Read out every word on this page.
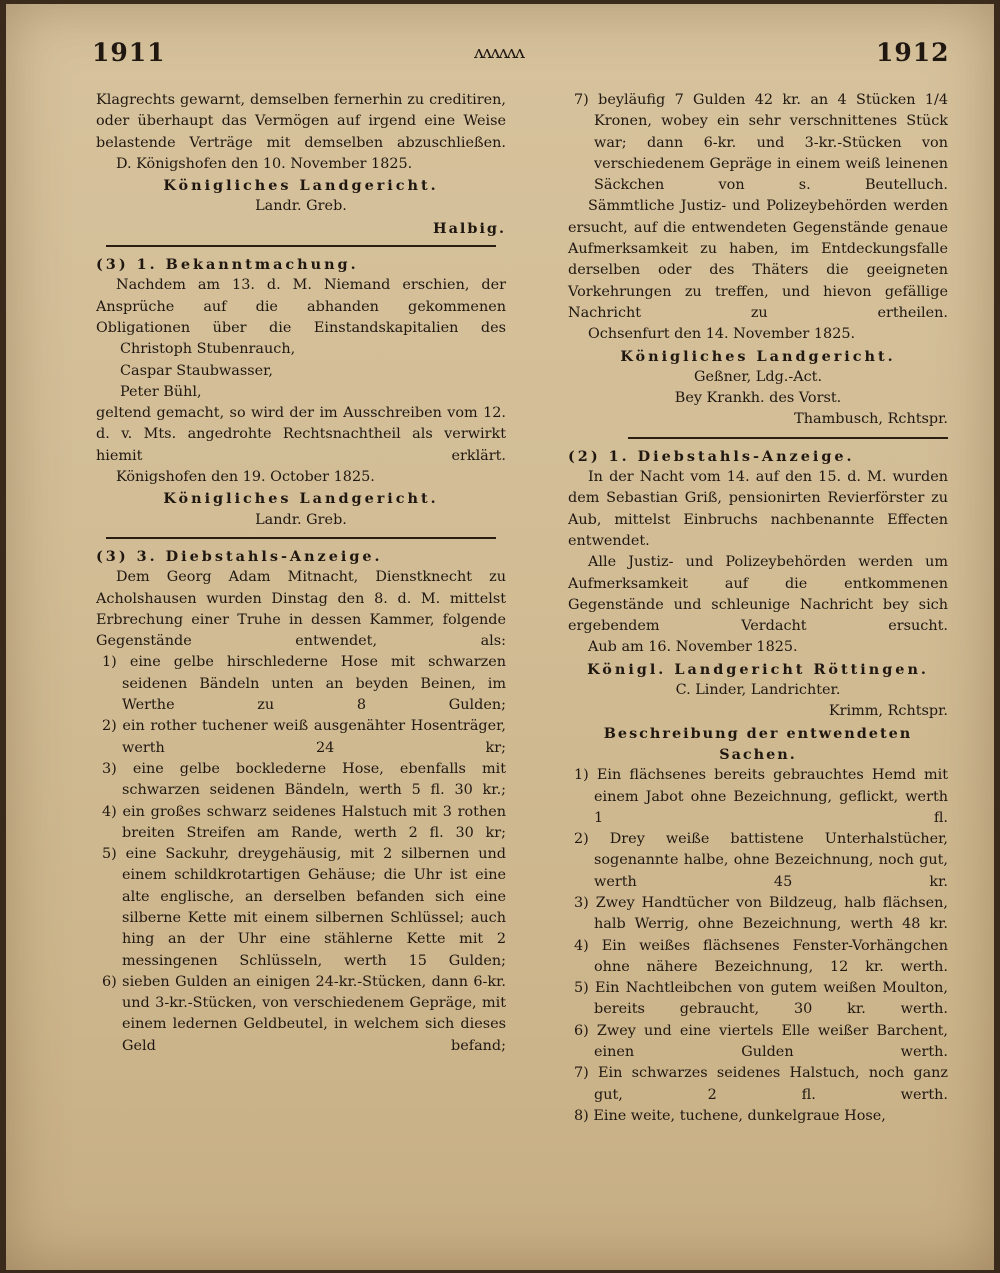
1911	ʌʌʌʌʌʌ	1912

Klagrechts gewarnt, demselben fernerhin zu creditiren, oder überhaupt das Vermögen auf irgend eine Weise belastende Verträge mit demselben abzuschließen.

D. Königshofen den 10. November 1825.

Königliches Landgericht.

Landr. Greb.

Halbig.

(3) 1. Bekanntmachung.

Nachdem am 13. d. M. Niemand erschien, der Ansprüche auf die abhanden gekommenen Obligationen über die Einstandskapitalien des

Christoph Stubenrauch,

Caspar Staubwasser,

Peter Bühl,

geltend gemacht, so wird der im Ausschreiben vom 12. d. v. Mts. angedrohte Rechtsnachtheil als verwirkt hiemit erklärt.

Königshofen den 19. October 1825.

Königliches Landgericht.

Landr. Greb.

(3) 3. Diebstahls-Anzeige.

Dem Georg Adam Mitnacht, Dienstknecht zu Acholshausen wurden Dinstag den 8. d. M. mittelst Erbrechung einer Truhe in dessen Kammer, folgende Gegenstände entwendet, als:

1) eine gelbe hirschlederne Hose mit schwarzen seidenen Bändeln unten an beyden Beinen, im Werthe zu 8 Gulden;

2) ein rother tuchener weiß ausgenähter Hosenträger, werth 24 kr;

3) eine gelbe bocklederne Hose, ebenfalls mit schwarzen seidenen Bändeln, werth 5 fl. 30 kr.;

4) ein großes schwarz seidenes Halstuch mit 3 rothen breiten Streifen am Rande, werth 2 fl. 30 kr;

5) eine Sackuhr, dreygehäusig, mit 2 silbernen und einem schildkrotartigen Gehäuse; die Uhr ist eine alte englische, an derselben befanden sich eine silberne Kette mit einem silbernen Schlüssel; auch hing an der Uhr eine stählerne Kette mit 2 messingenen Schlüsseln, werth 15 Gulden;

6) sieben Gulden an einigen 24-kr.-Stücken, dann 6-kr. und 3-kr.-Stücken, von verschiedenem Gepräge, mit einem ledernen Geldbeutel, in welchem sich dieses Geld befand;

7) beyläufig 7 Gulden 42 kr. an 4 Stücken 1/4 Kronen, wobey ein sehr verschnittenes Stück war; dann 6-kr. und 3-kr.-Stücken von verschiedenem Gepräge in einem weiß leinenen Säckchen von s. Beutelluch.

Sämmtliche Justiz- und Polizeybehörden werden ersucht, auf die entwendeten Gegenstände genaue Aufmerksamkeit zu haben, im Entdeckungsfalle derselben oder des Thäters die geeigneten Vorkehrungen zu treffen, und hievon gefällige Nachricht zu ertheilen.

Ochsenfurt den 14. November 1825.

Königliches Landgericht.

Geßner, Ldg.-Act.

Bey Krankh. des Vorst.

Thambusch, Rchtspr.

(2) 1. Diebstahls-Anzeige.

In der Nacht vom 14. auf den 15. d. M. wurden dem Sebastian Griß, pensionirten Revierförster zu Aub, mittelst Einbruchs nachbenannte Effecten entwendet.

Alle Justiz- und Polizeybehörden werden um Aufmerksamkeit auf die entkommenen Gegenstände und schleunige Nachricht bey sich ergebendem Verdacht ersucht.

Aub am 16. November 1825.

Königl. Landgericht Röttingen.

C. Linder, Landrichter.

Krimm, Rchtspr.

Beschreibung der entwendeten Sachen.

1) Ein flächsenes bereits gebrauchtes Hemd mit einem Jabot ohne Bezeichnung, geflickt, werth 1 fl.

2) Drey weiße battistene Unterhalstücher, sogenannte halbe, ohne Bezeichnung, noch gut, werth 45 kr.

3) Zwey Handtücher von Bildzeug, halb flächsen, halb Werrig, ohne Bezeichnung, werth 48 kr.

4) Ein weißes flächsenes Fenster-Vorhängchen ohne nähere Bezeichnung, 12 kr. werth.

5) Ein Nachtleibchen von gutem weißen Moulton, bereits gebraucht, 30 kr. werth.

6) Zwey und eine viertels Elle weißer Barchent, einen Gulden werth.

7) Ein schwarzes seidenes Halstuch, noch ganz gut, 2 fl. werth.

8) Eine weite, tuchene, dunkelgraue Hose,
